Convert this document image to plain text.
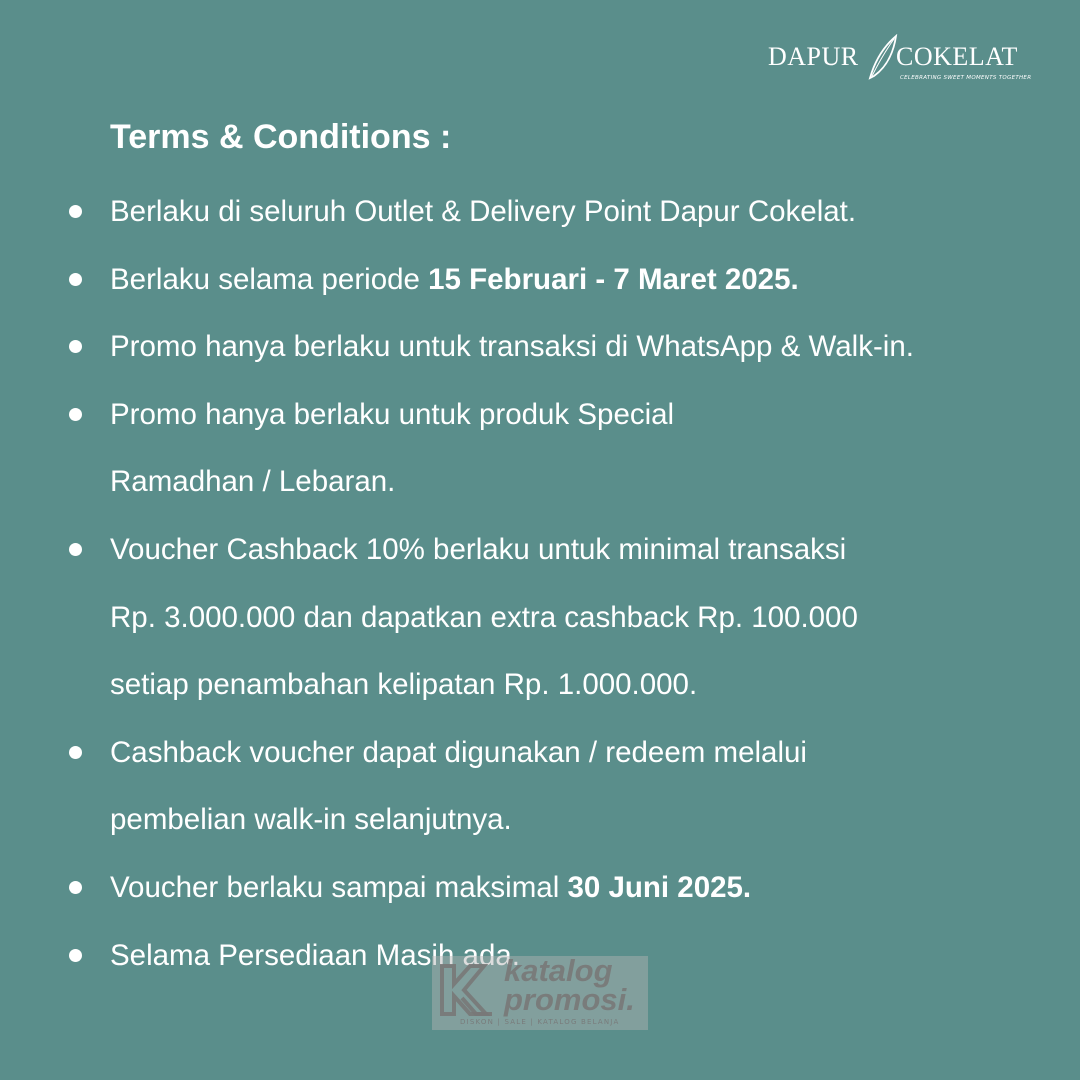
DAPUR COKELAT
CELEBRATING SWEET MOMENTS TOGETHER
Terms & Conditions :
Berlaku di seluruh Outlet & Delivery Point Dapur Cokelat.
Berlaku selama periode 15 Februari - 7 Maret 2025.
Promo hanya berlaku untuk transaksi di WhatsApp & Walk-in.
Promo hanya berlaku untuk produk Special
Ramadhan / Lebaran.
Voucher Cashback 10% berlaku untuk minimal transaksi
Rp. 3.000.000 dan dapatkan extra cashback Rp. 100.000
setiap penambahan kelipatan Rp. 1.000.000.
Cashback voucher dapat digunakan / redeem melalui
pembelian walk-in selanjutnya.
Voucher berlaku sampai maksimal 30 Juni 2025.
Selama Persediaan Masih ada.
katalog
promosi.
DISKON | SALE | KATALOG BELANJA
